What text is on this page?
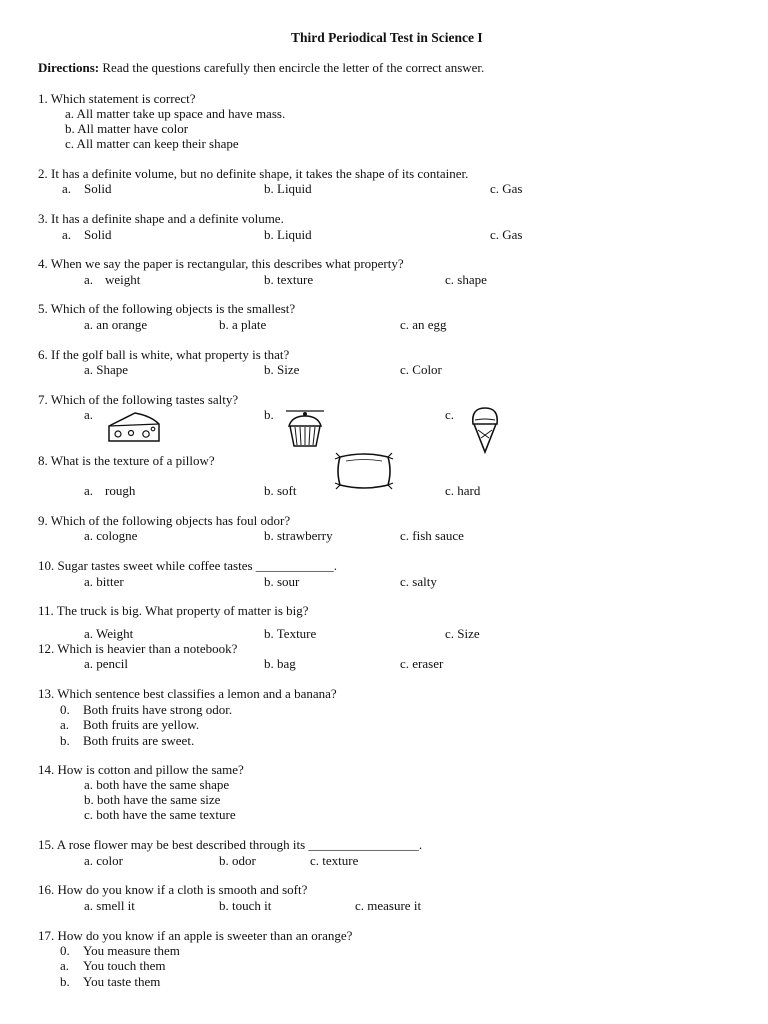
Third Periodical Test in Science I
Directions: Read the questions carefully then encircle the letter of the correct answer.
1. Which statement is correct?
a. All matter take up space and have mass.
b. All matter have color
c. All matter can keep their shape
2. It has a definite volume, but no definite shape, it takes the shape of its container.
a. Solid	b. Liquid	c. Gas
3. It has a definite shape and a definite volume.
a. Solid	b. Liquid	c. Gas
4. When we say the paper is rectangular, this describes what property?
a. weight	b. texture	c. shape
5. Which of the following objects is the smallest?
a. an orange	b. a plate	c. an egg
6. If the golf ball is white, what property is that?
a. Shape	b. Size	c. Color
7. Which of the following tastes salty?
a.	b.	c.
8. What is the texture of a pillow?
a. rough	b. soft	c. hard
9. Which of the following objects has foul odor?
a. cologne	b. strawberry	c. fish sauce
10. Sugar tastes sweet while coffee tastes ____________.
a. bitter	b. sour	c. salty
11. The truck is big. What property of matter is big?
a. Weight	b. Texture	c. Size
12. Which is heavier than a notebook?
a. pencil	b. bag	c. eraser
13. Which sentence best classifies a lemon and a banana?
0. Both fruits have strong odor.
a. Both fruits are yellow.
b. Both fruits are sweet.
14. How is cotton and pillow the same?
a. both have the same shape
b. both have the same size
c. both have the same texture
15. A rose flower may be best described through its _________________.
a. color	b. odor	c. texture
16. How do you know if a cloth is smooth and soft?
a. smell it	b. touch it	c. measure it
17. How do you know if an apple is sweeter than an orange?
0. You measure them
a. You touch them
b. You taste them
